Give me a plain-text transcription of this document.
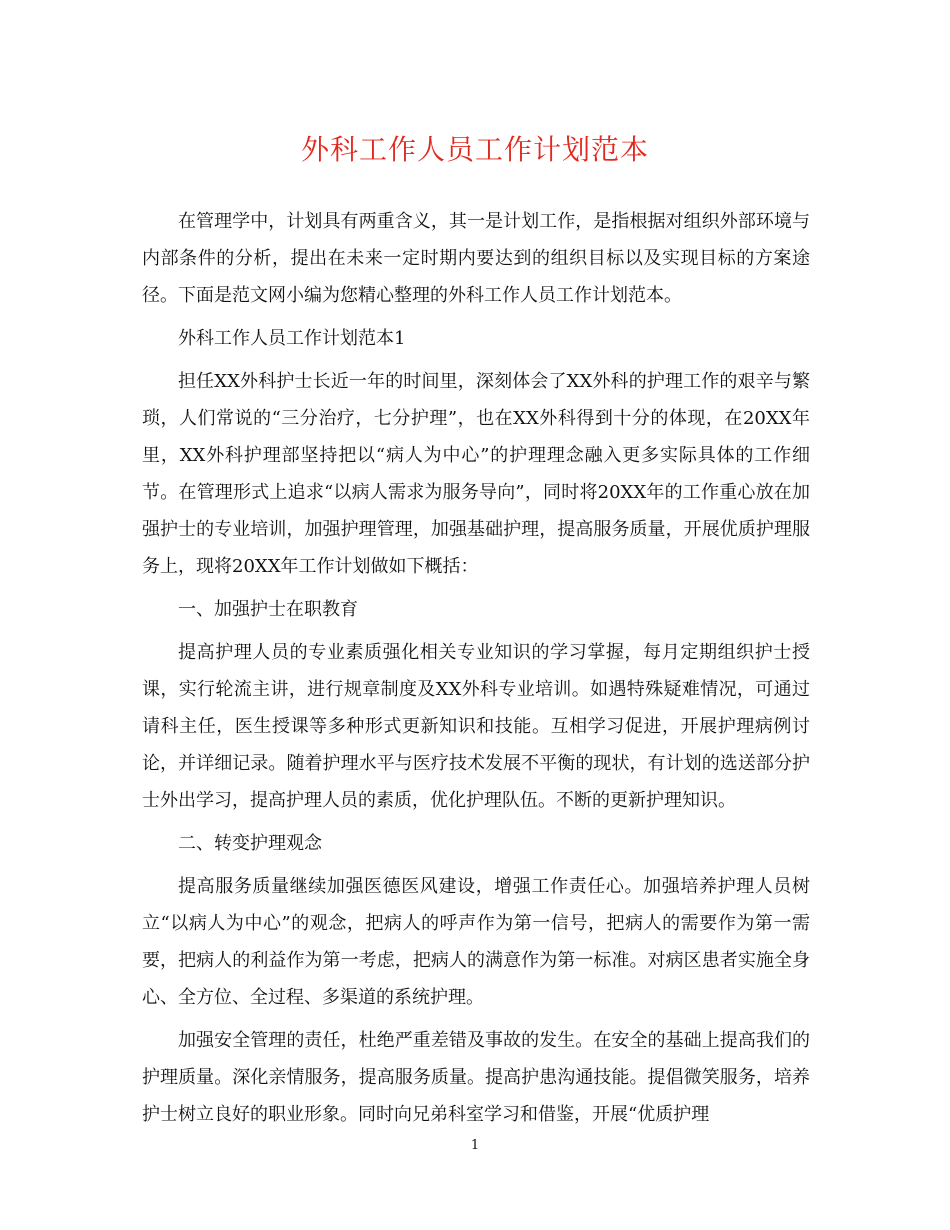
外科工作人员工作计划范本

在管理学中，计划具有两重含义，其一是计划工作，是指根据对组织外部环境与内部条件的分析，提出在未来一定时期内要达到的组织目标以及实现目标的方案途径。下面是范文网小编为您精心整理的外科工作人员工作计划范本。

外科工作人员工作计划范本1

担任XX外科护士长近一年的时间里，深刻体会了XX外科的护理工作的艰辛与繁琐，人们常说的“三分治疗，七分护理”，也在XX外科得到十分的体现，在20XX年里，XX外科护理部坚持把以“病人为中心”的护理理念融入更多实际具体的工作细节。在管理形式上追求“以病人需求为服务导向”，同时将20XX年的工作重心放在加强护士的专业培训，加强护理管理，加强基础护理，提高服务质量，开展优质护理服务上，现将20XX年工作计划做如下概括：

一、加强护士在职教育

提高护理人员的专业素质强化相关专业知识的学习掌握，每月定期组织护士授课，实行轮流主讲，进行规章制度及XX外科专业培训。如遇特殊疑难情况，可通过请科主任，医生授课等多种形式更新知识和技能。互相学习促进，开展护理病例讨论，并详细记录。随着护理水平与医疗技术发展不平衡的现状，有计划的选送部分护士外出学习，提高护理人员的素质，优化护理队伍。不断的更新护理知识。

二、转变护理观念

提高服务质量继续加强医德医风建设，增强工作责任心。加强培养护理人员树立“以病人为中心”的观念，把病人的呼声作为第一信号，把病人的需要作为第一需要，把病人的利益作为第一考虑，把病人的满意作为第一标准。对病区患者实施全身心、全方位、全过程、多渠道的系统护理。

加强安全管理的责任，杜绝严重差错及事故的发生。在安全的基础上提高我们的护理质量。深化亲情服务，提高服务质量。提高护患沟通技能。提倡微笑服务，培养护士树立良好的职业形象。同时向兄弟科室学习和借鉴，开展“优质护理

1
